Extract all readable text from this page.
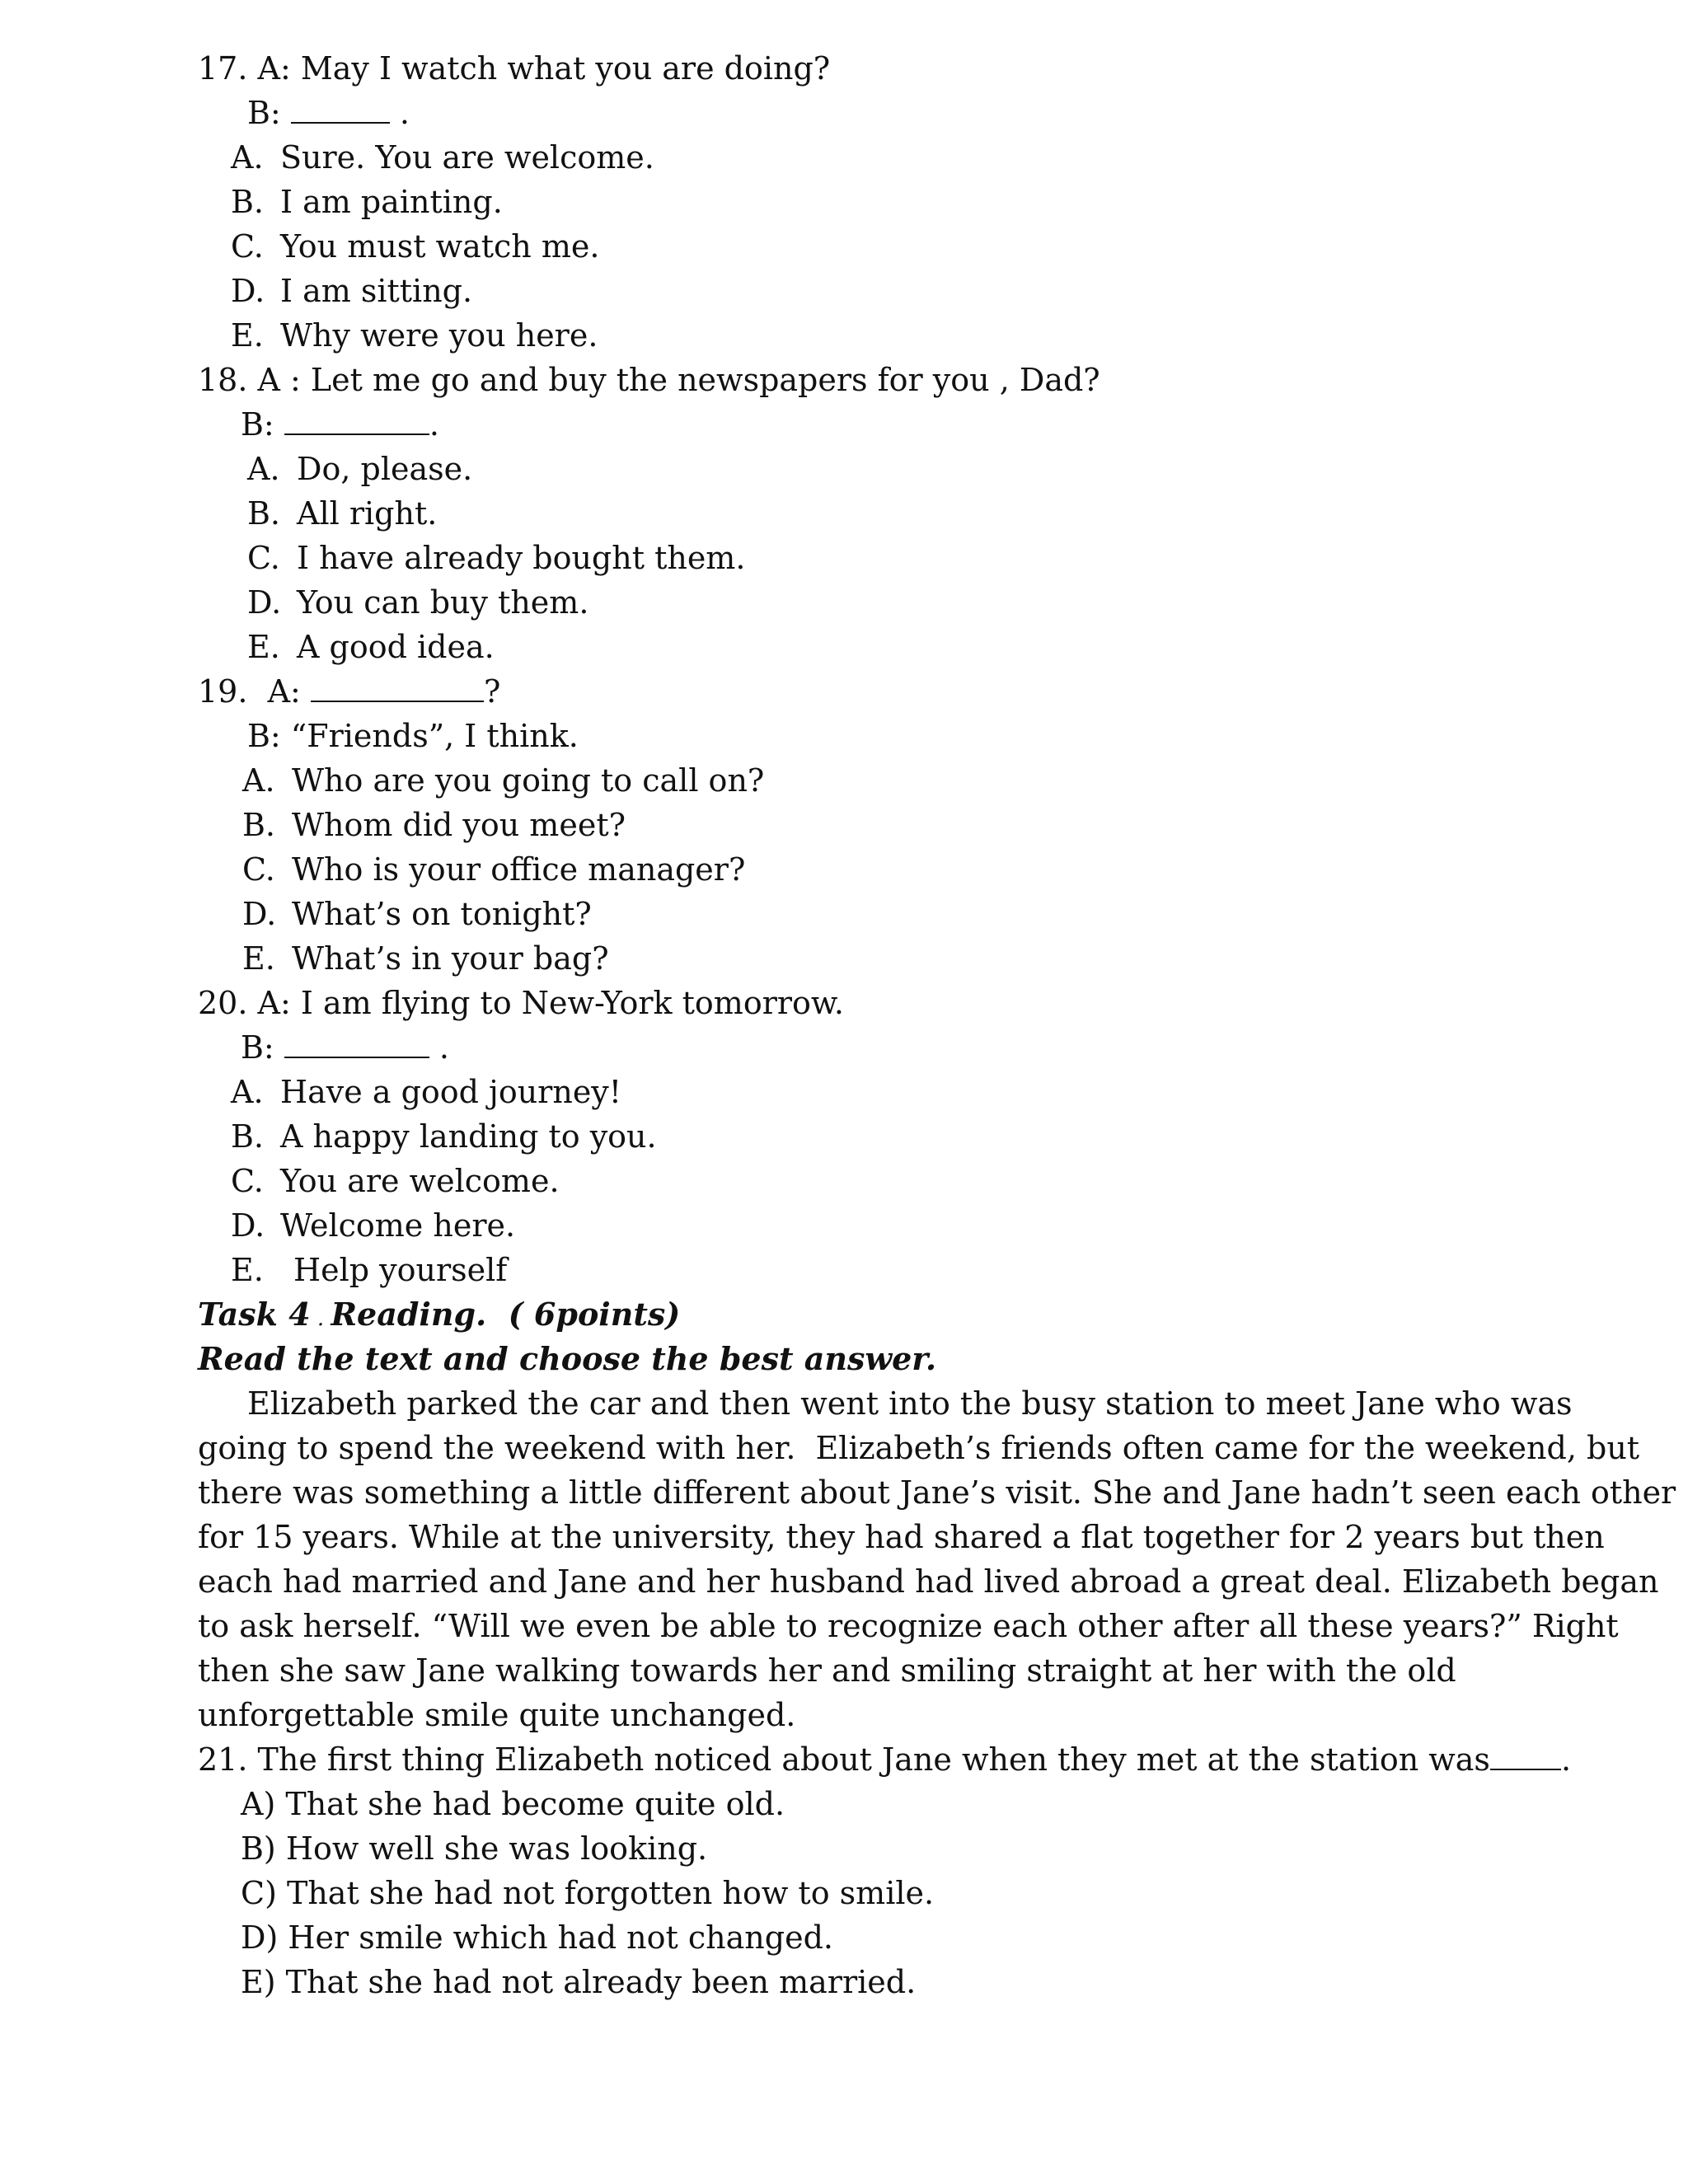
17. A: May I watch what you are doing?
B:	.
A. Sure. You are welcome.
B. I am painting.
C. You must watch me.
D. I am sitting.
E. Why were you here.
18. A : Let me go and buy the newspapers for you , Dad?
B:	.
A. Do, please.
B. All right.
C. I have already bought them.
D. You can buy them.
E. A good idea.
19. A:	?
B: “Friends”, I think.
A. Who are you going to call on?
B. Whom did you meet?
C. Who is your office manager?
D. What’s on tonight?
E. What’s in your bag?
20. A: I am flying to New-York tomorrow.
B:	.
A. Have a good journey!
B. A happy landing to you.
C. You are welcome.
D. Welcome here.
E. Help yourself
Task 4 . Reading.  ( 6points)
Read the text and choose the best answer.
Elizabeth parked the car and then went into the busy station to meet Jane who was
going to spend the weekend with her.  Elizabeth’s friends often came for the weekend, but
there was something a little different about Jane’s visit. She and Jane hadn’t seen each other
for 15 years. While at the university, they had shared a flat together for 2 years but then
each had married and Jane and her husband had lived abroad a great deal. Elizabeth began
to ask herself. “Will we even be able to recognize each other after all these years?” Right
then she saw Jane walking towards her and smiling straight at her with the old
unforgettable smile quite unchanged.
21. The first thing Elizabeth noticed about Jane when they met at the station was .
A) That she had become quite old.
B) How well she was looking.
C) That she had not forgotten how to smile.
D) Her smile which had not changed.
E) That she had not already been married.
